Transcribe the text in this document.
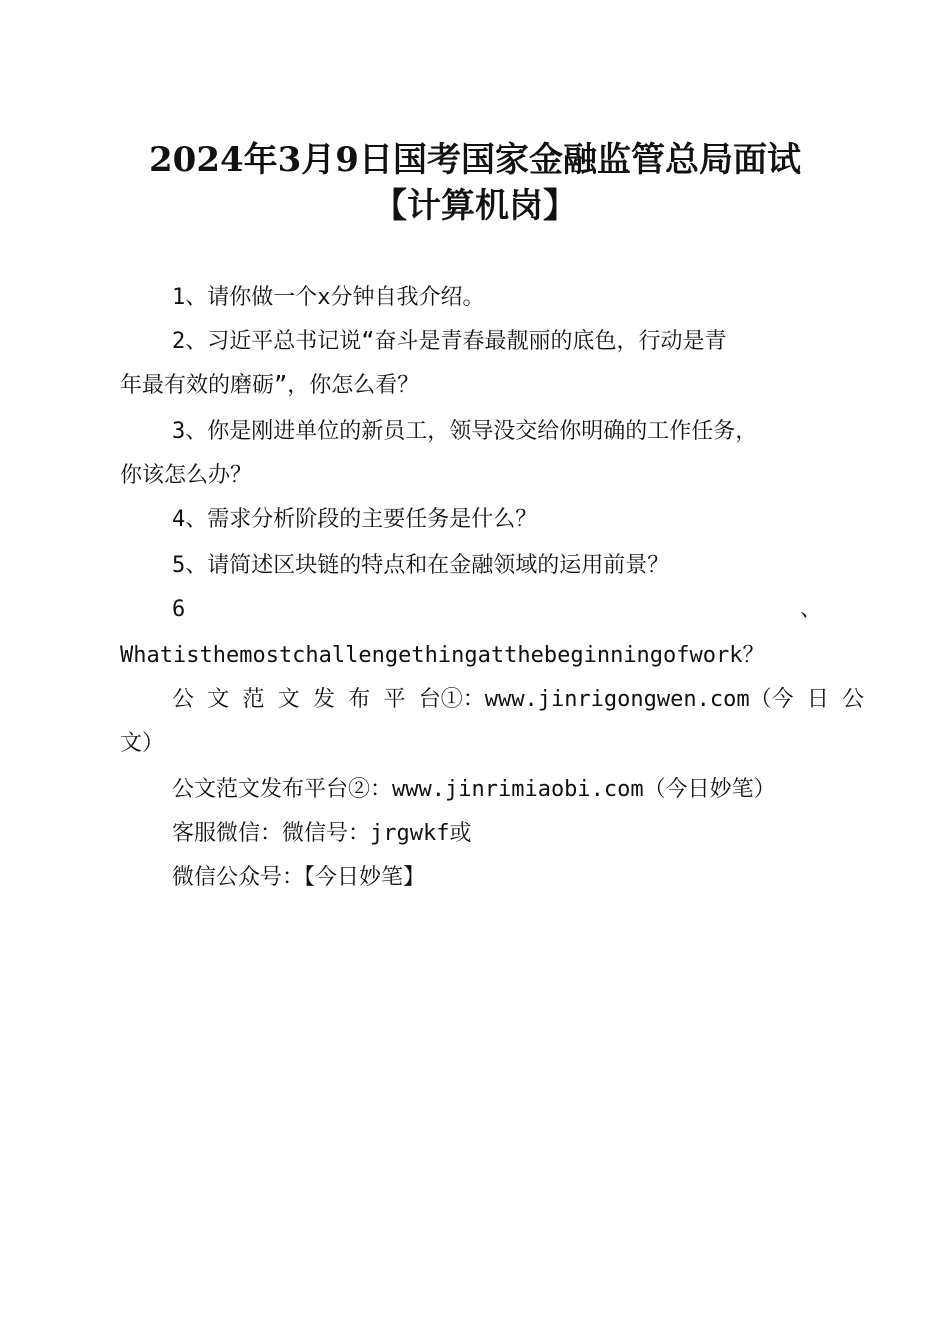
2024年3月9日国考国家金融监管总局面试
【计算机岗】
1、请你做一个x分钟自我介绍。
2、习近平总书记说“奋斗是青春最靓丽的底色，行动是青
年最有效的磨砺”，你怎么看？
3、你是刚进单位的新员工，领导没交给你明确的工作任务，
你该怎么办？
4、需求分析阶段的主要任务是什么？
5、请简述区块链的特点和在金融领域的运用前景？
6	、
Whatisthemostchallengethingatthebeginningofwork？
公 文 范 文 发 布 平 台①：www.jinrigongwen.com（今 日 公
文）
公文范文发布平台②：www.jinrimiaobi.com（今日妙笔）
客服微信：微信号：jrgwkf或
微信公众号：【今日妙笔】
